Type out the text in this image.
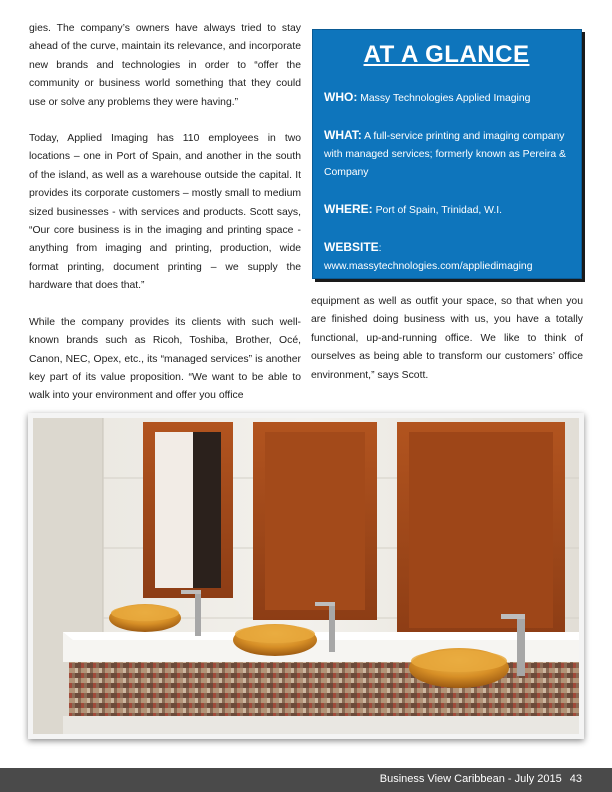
gies. The company’s owners have always tried to stay ahead of the curve, maintain its relevance, and incorporate new brands and technologies in order to “offer the community or business world something that they could use or solve any problems they were having.”

Today, Applied Imaging has 110 employees in two locations – one in Port of Spain, and another in the south of the island, as well as a warehouse outside the capital. It provides its corporate customers – mostly small to medium sized businesses - with services and products. Scott says, “Our core business is in the imaging and printing space - anything from imaging and printing, production, wide format printing, document printing – we supply the hardware that does that.”

While the company provides its clients with such well-known brands such as Ricoh, Toshiba, Brother, Océ, Canon, NEC, Opex, etc., its “managed services” is another key part of its value proposition. “We want to be able to walk into your environment and offer you office

AT A GLANCE
WHO: Massy Technologies Applied Imaging
WHAT: A full-service printing and imaging company with managed services; formerly known as Pereira & Company
WHERE: Port of Spain, Trinidad, W.I.
WEBSITE: www.massytechnologies.com/appliedimaging

equipment as well as outfit your space, so that when you are finished doing business with us, you have a totally functional, up-and-running office. We like to think of ourselves as being able to transform our customers’ office environment,” says Scott.

Business View Caribbean - July 2015 43
